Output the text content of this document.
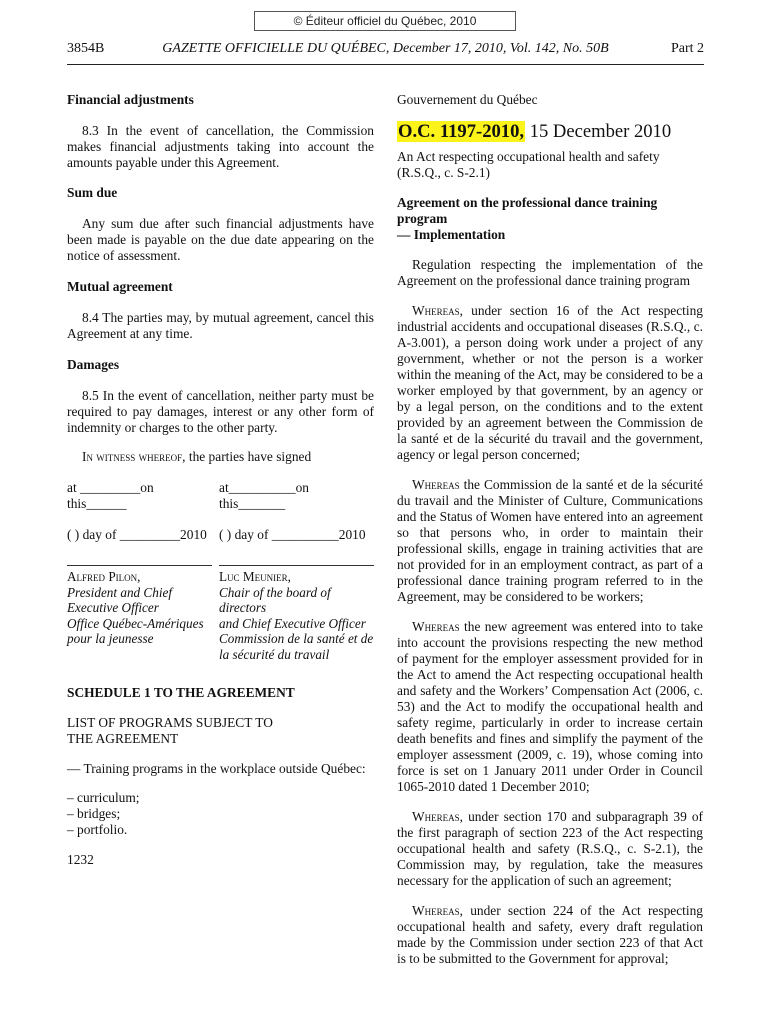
© Éditeur officiel du Québec, 2010
3854B	GAZETTE OFFICIELLE DU QUÉBEC, December 17, 2010, Vol. 142, No. 50B	Part 2
Financial adjustments

8.3 In the event of cancellation, the Commission makes financial adjustments taking into account the amounts payable under this Agreement.

Sum due

Any sum due after such financial adjustments have been made is payable on the due date appearing on the notice of assessment.

Mutual agreement

8.4 The parties may, by mutual agreement, cancel this Agreement at any time.

Damages

8.5 In the event of cancellation, neither party must be required to pay damages, interest or any other form of indemnity or charges to the other party.

In witness whereof, the parties have signed

at _________on this______
at__________on this_______
( ) day of _________2010 ( ) day of __________2010
Alfred Pilon,
President and Chief
Executive Officer
Office Québec-Amériques
pour la jeunesse
Luc Meunier,
Chair of the board of directors
and Chief Executive Officer
Commission de la santé et de
la sécurité du travail
SCHEDULE 1 TO THE AGREEMENT
LIST OF PROGRAMS SUBJECT TO
THE AGREEMENT

— Training programs in the workplace outside Québec:

– curriculum;
– bridges;
– portfolio.
1232
Gouvernement du Québec
O.C. 1197-2010, 15 December 2010

An Act respecting occupational health and safety (R.S.Q., c. S-2.1)

Agreement on the professional dance training program
— Implementation

Regulation respecting the implementation of the Agreement on the professional dance training program

Whereas, under section 16 of the Act respecting industrial accidents and occupational diseases (R.S.Q., c. A-3.001), a person doing work under a project of any government, whether or not the person is a worker within the meaning of the Act, may be considered to be a worker employed by that government, by an agency or by a legal person, on the conditions and to the extent provided by an agreement between the Commission de la santé et de la sécurité du travail and the government, agency or legal person concerned;

Whereas the Commission de la santé et de la sécurité du travail and the Minister of Culture, Communications and the Status of Women have entered into an agreement so that persons who, in order to maintain their professional skills, engage in training activities that are not provided for in an employment contract, as part of a professional dance training program referred to in the Agreement, may be considered to be workers;

Whereas the new agreement was entered into to take into account the provisions respecting the new method of payment for the employer assessment provided for in the Act to amend the Act respecting occupational health and safety and the Workers’ Compensation Act (2006, c. 53) and the Act to modify the occupational health and safety regime, particularly in order to increase certain death benefits and fines and simplify the payment of the employer assessment (2009, c. 19), whose coming into force is set on 1 January 2011 under Order in Council 1065-2010 dated 1 December 2010;

Whereas, under section 170 and subparagraph 39 of the first paragraph of section 223 of the Act respecting occupational health and safety (R.S.Q., c. S-2.1), the Commission may, by regulation, take the measures necessary for the application of such an agreement;

Whereas, under section 224 of the Act respecting occupational health and safety, every draft regulation made by the Commission under section 223 of that Act is to be submitted to the Government for approval;
